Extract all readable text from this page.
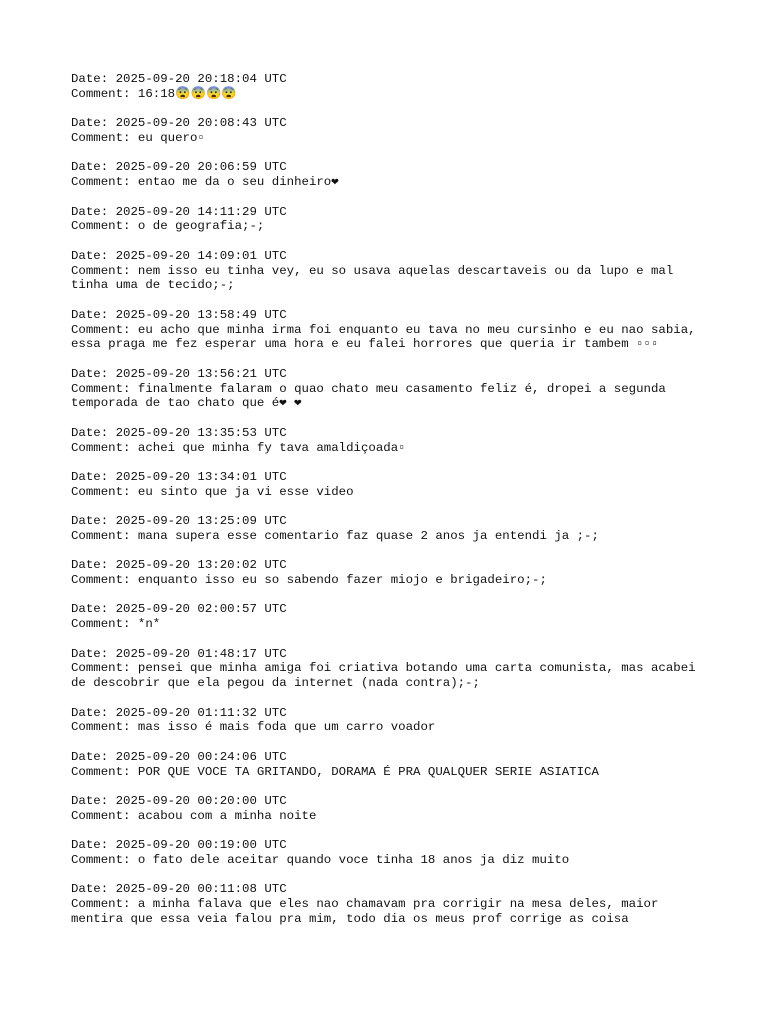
Date: 2025-09-20 20:18:04 UTC
Comment: 16:18😨😨😨😨
Date: 2025-09-20 20:08:43 UTC
Comment: eu quero▫
Date: 2025-09-20 20:06:59 UTC
Comment: entao me da o seu dinheiro❤
Date: 2025-09-20 14:11:29 UTC
Comment: o de geografia;-;
Date: 2025-09-20 14:09:01 UTC
Comment: nem isso eu tinha vey, eu so usava aquelas descartaveis ou da lupo e mal tinha uma de tecido;-;
Date: 2025-09-20 13:58:49 UTC
Comment: eu acho que minha irma foi enquanto eu tava no meu cursinho e eu nao sabia, essa praga me fez esperar uma hora e eu falei horrores que queria ir tambem ▫▫▫
Date: 2025-09-20 13:56:21 UTC
Comment: finalmente falaram o quao chato meu casamento feliz é, dropei a segunda temporada de tao chato que é❤ ❤
Date: 2025-09-20 13:35:53 UTC
Comment: achei que minha fy tava amaldiçoada▫
Date: 2025-09-20 13:34:01 UTC
Comment: eu sinto que ja vi esse video
Date: 2025-09-20 13:25:09 UTC
Comment: mana supera esse comentario faz quase 2 anos ja entendi ja ;-;
Date: 2025-09-20 13:20:02 UTC
Comment: enquanto isso eu so sabendo fazer miojo e brigadeiro;-;
Date: 2025-09-20 02:00:57 UTC
Comment: *n*
Date: 2025-09-20 01:48:17 UTC
Comment: pensei que minha amiga foi criativa botando uma carta comunista, mas acabei de descobrir que ela pegou da internet (nada contra);-;
Date: 2025-09-20 01:11:32 UTC
Comment: mas isso é mais foda que um carro voador
Date: 2025-09-20 00:24:06 UTC
Comment: POR QUE VOCE TA GRITANDO, DORAMA É PRA QUALQUER SERIE ASIATICA
Date: 2025-09-20 00:20:00 UTC
Comment: acabou com a minha noite
Date: 2025-09-20 00:19:00 UTC
Comment: o fato dele aceitar quando voce tinha 18 anos ja diz muito
Date: 2025-09-20 00:11:08 UTC
Comment: a minha falava que eles nao chamavam pra corrigir na mesa deles, maior mentira que essa veia falou pra mim, todo dia os meus prof corrige as coisa
